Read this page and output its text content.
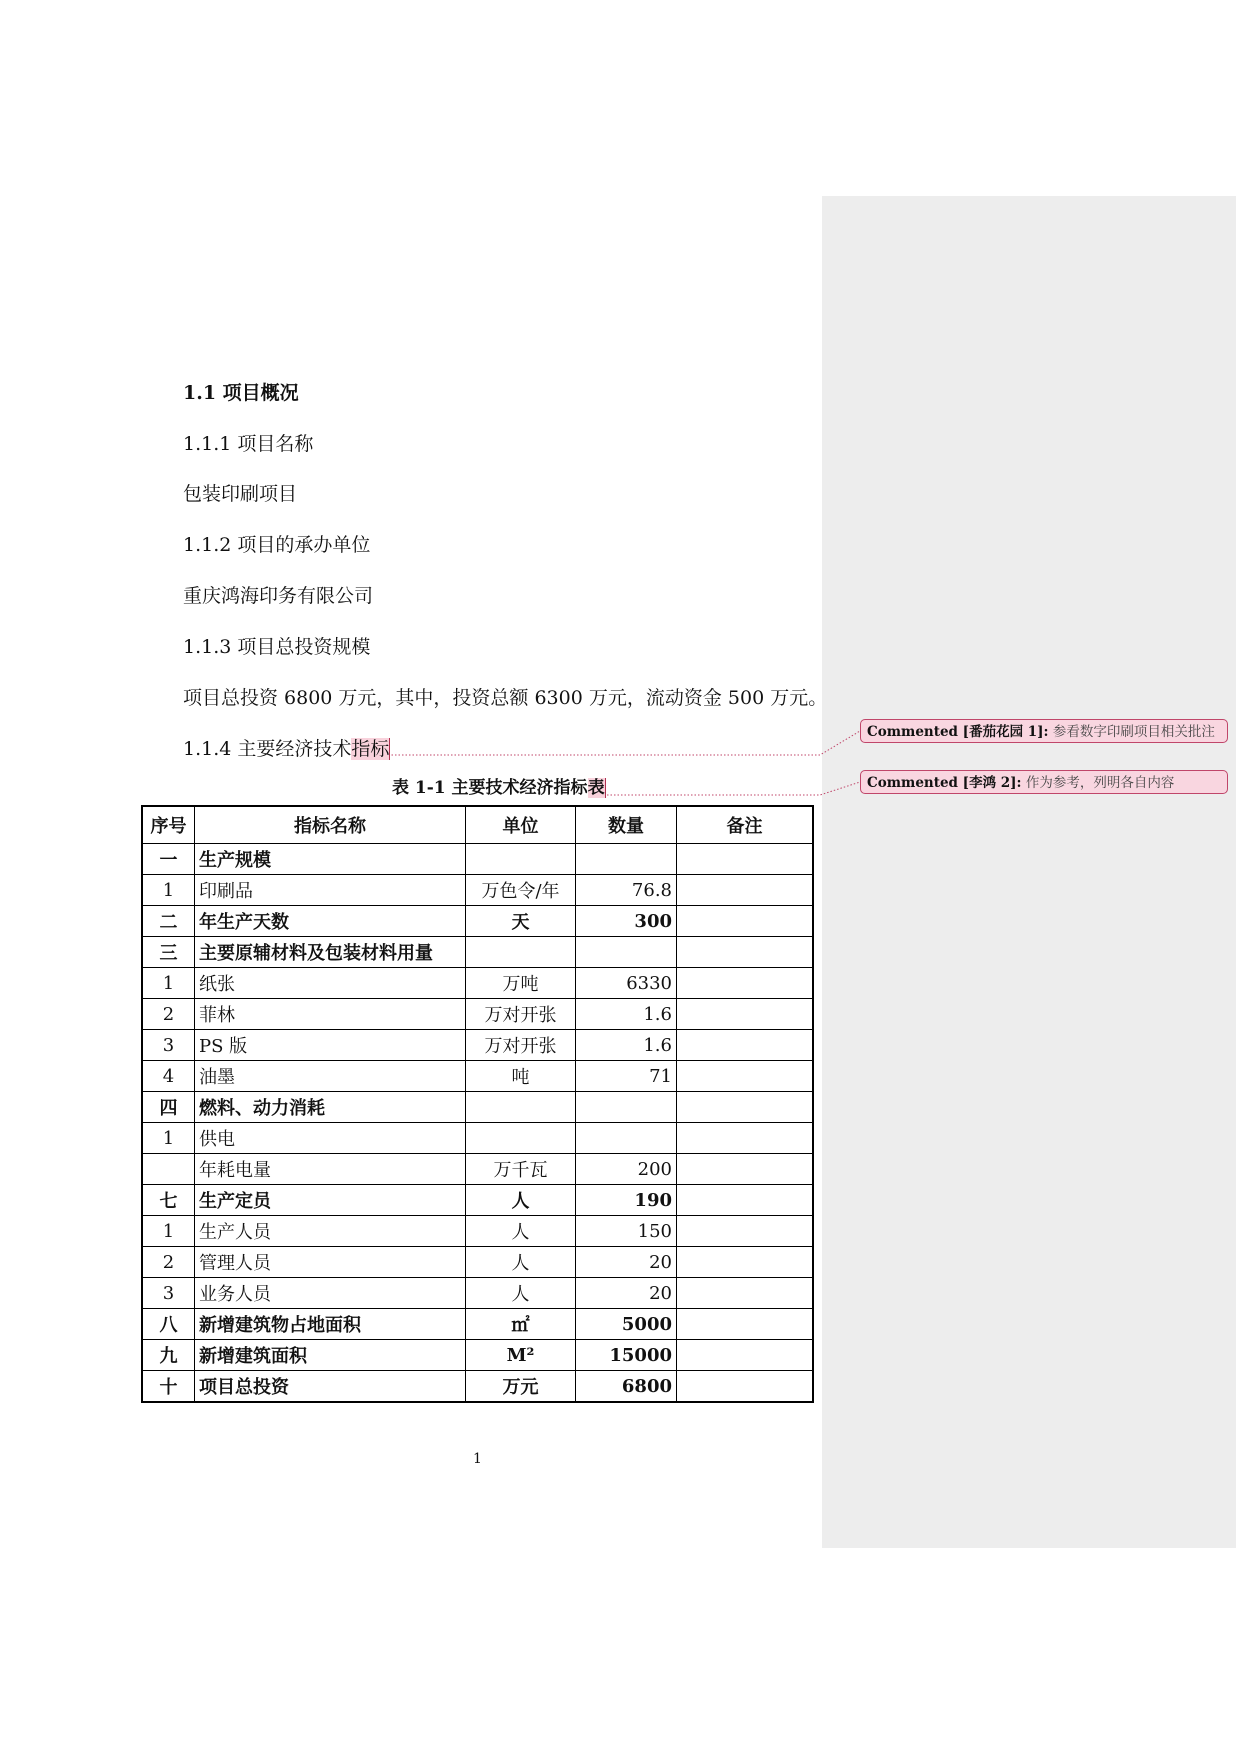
1.1 项目概况
1.1.1 项目名称
包装印刷项目
1.1.2 项目的承办单位
重庆鸿海印务有限公司
1.1.3 项目总投资规模
项目总投资 6800 万元，其中，投资总额 6300 万元，流动资金 500 万元。
1.1.4 主要经济技术指标
表 1-1 主要技术经济指标表
Commented [番茄花园 1]: 参看数字印刷项目相关批注
Commented [李鸿 2]: 作为参考，列明各自内容
序号	指标名称	单位	数量	备注
一	生产规模			
1	印刷品	万色令/年	76.8	
二	年生产天数	天	300	
三	主要原辅材料及包装材料用量			
1	纸张	万吨	6330	
2	菲林	万对开张	1.6	
3	PS 版	万对开张	1.6	
4	油墨	吨	71	
四	燃料、动力消耗			
1	供电			
	年耗电量	万千瓦	200	
七	生产定员	人	190	
1	生产人员	人	150	
2	管理人员	人	20	
3	业务人员	人	20	
八	新增建筑物占地面积	㎡	5000	
九	新增建筑面积	M²	15000	
十	项目总投资	万元	6800	
1
